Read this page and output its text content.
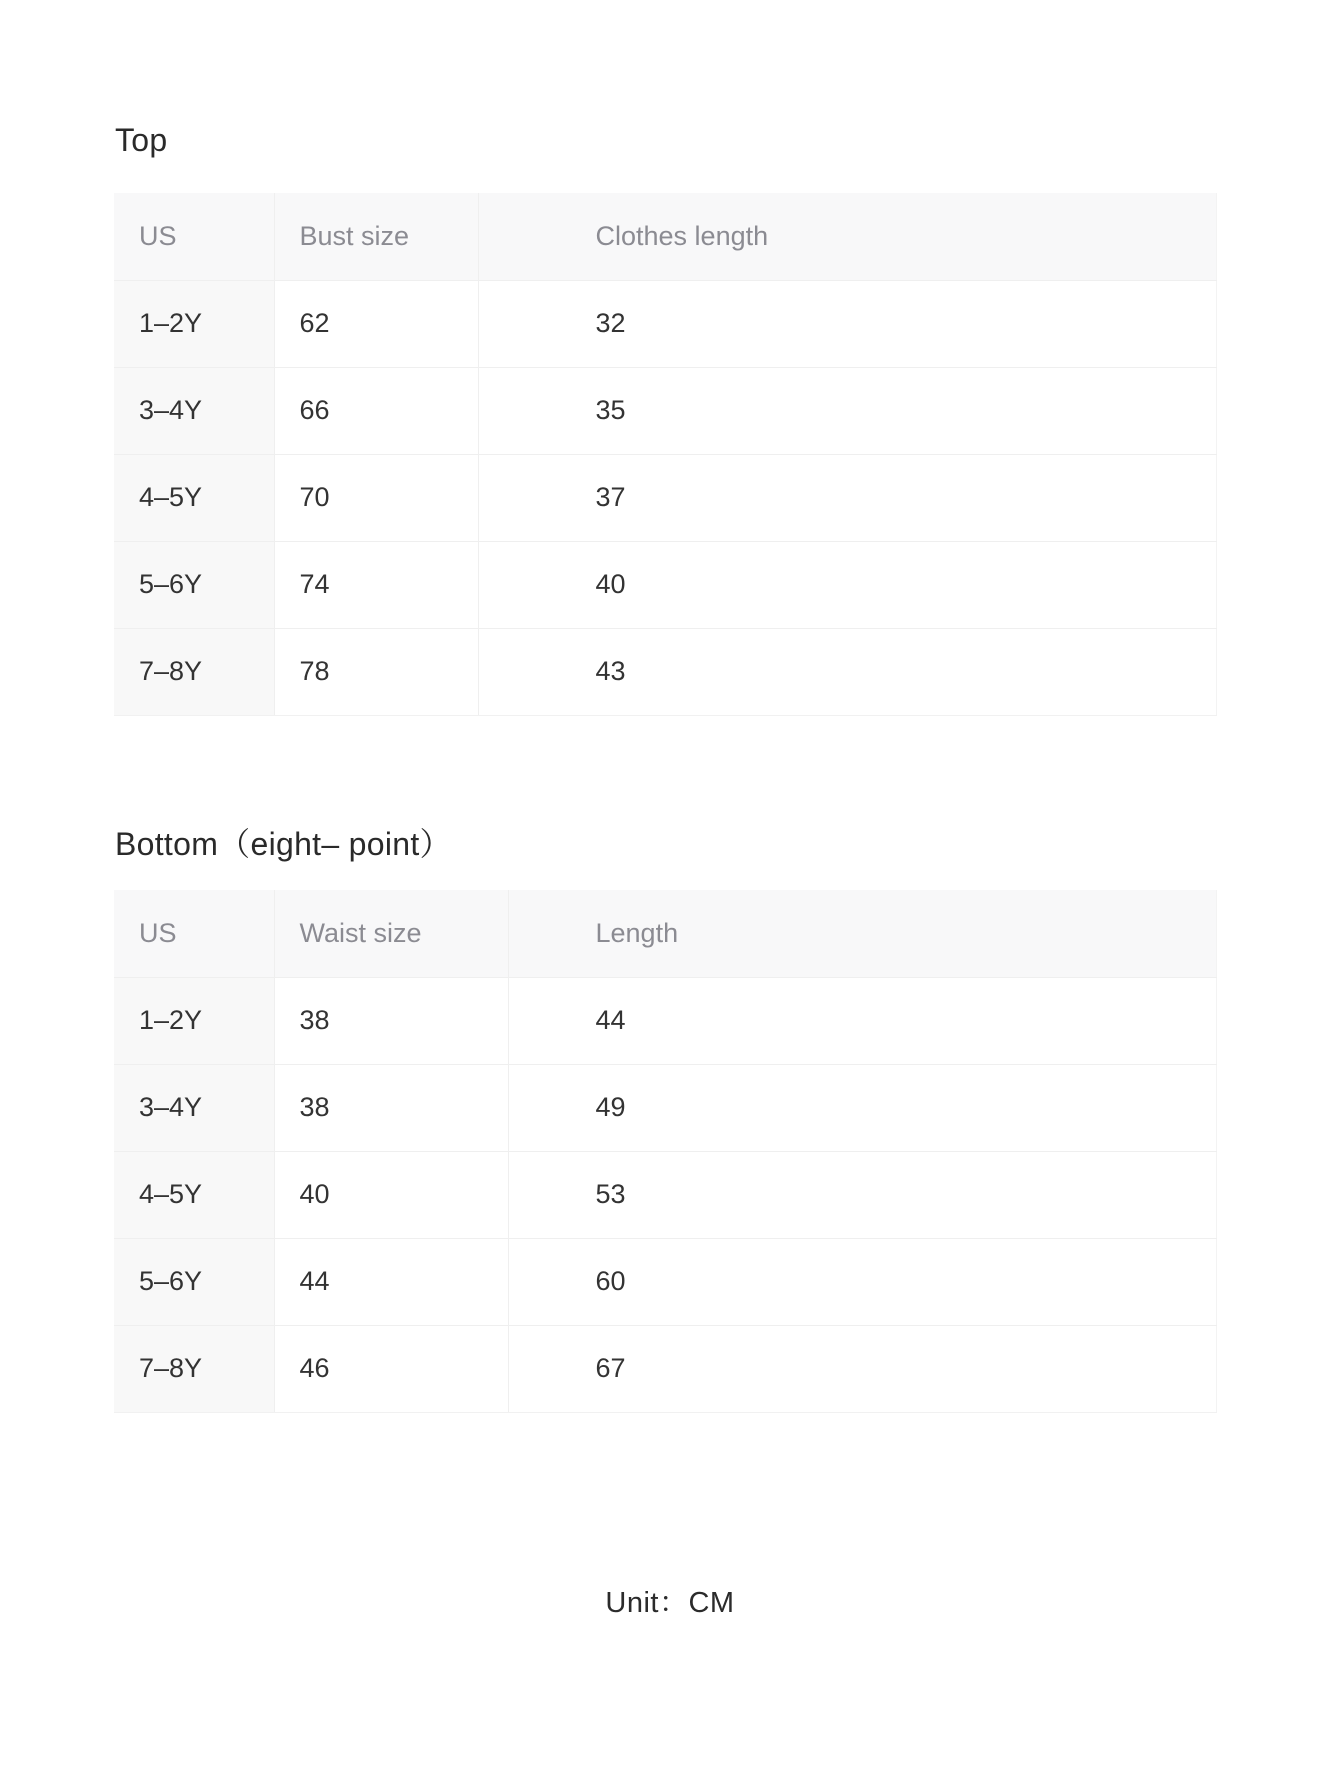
Top
US	Bust size	Clothes length
1–2Y	62	32
3–4Y	66	35
4–5Y	70	37
5–6Y	74	40
7–8Y	78	43
Bottom（eight– point）
US	Waist size	Length
1–2Y	38	44
3–4Y	38	49
4–5Y	40	53
5–6Y	44	60
7–8Y	46	67
Unit：CM
